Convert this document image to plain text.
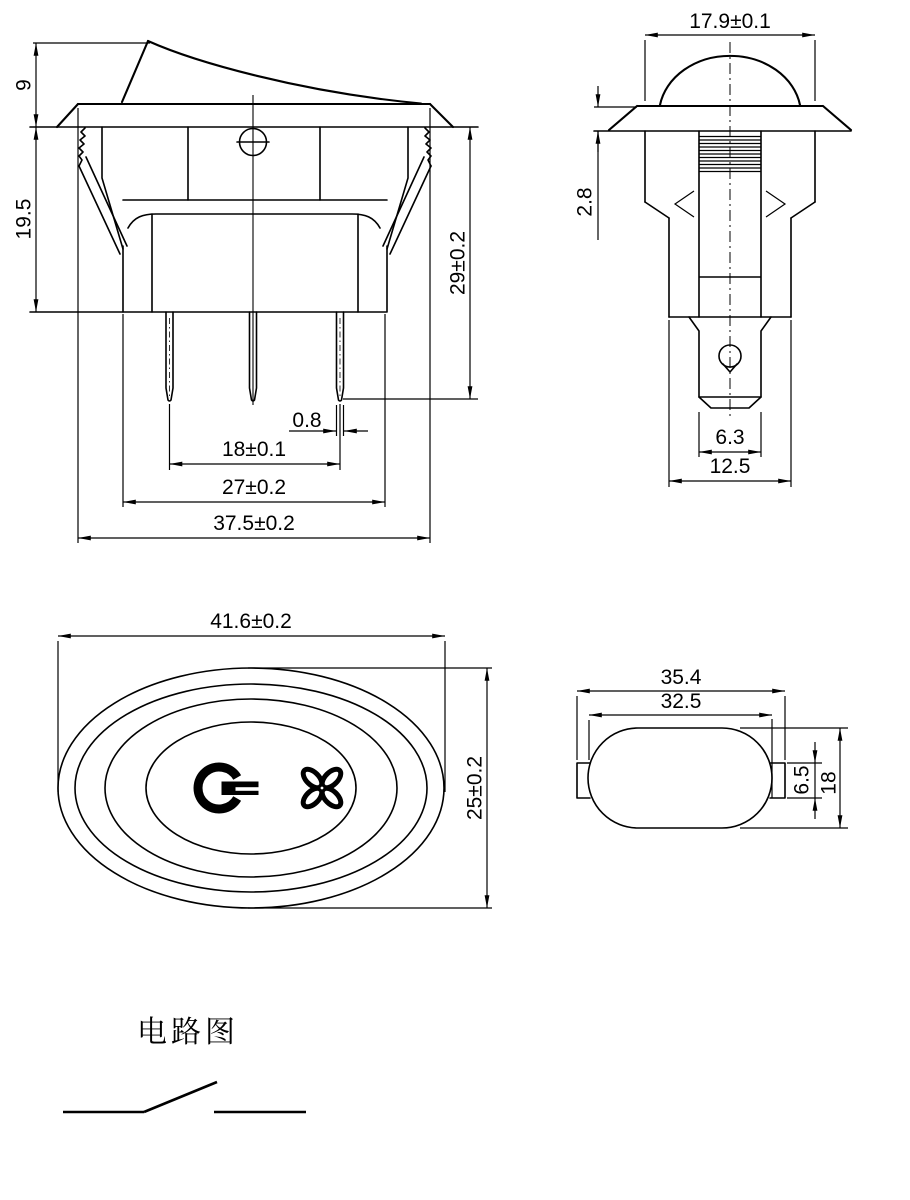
9
19.5
29±0.2
0.8
18±0.1
27±0.2
37.5±0.2
17.9±0.1
2.8
6.3
12.5
41.6±0.2
25±0.2
35.4
32.5
6.5 18
电路图
